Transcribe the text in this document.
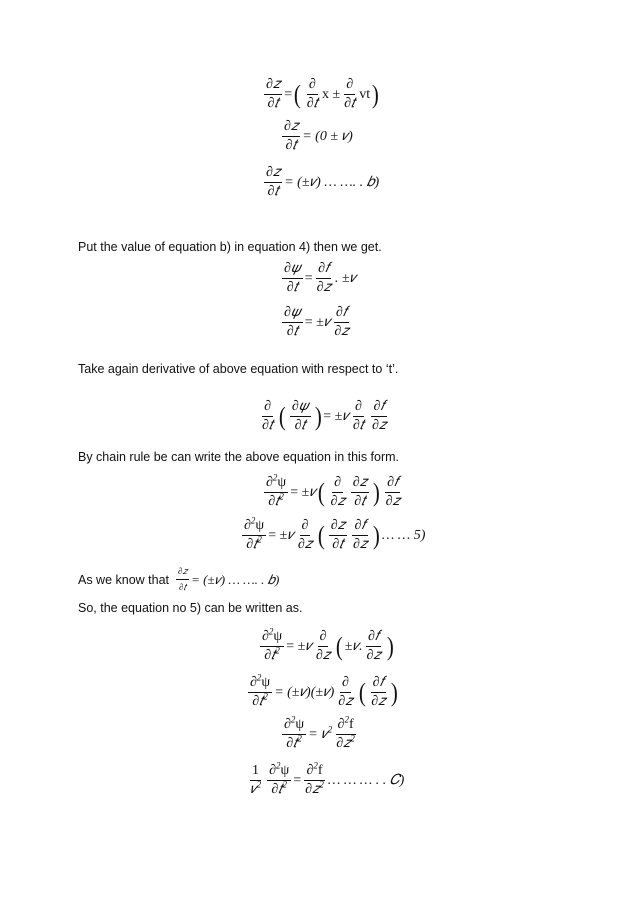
$\frac{\text{∂𝑧}}{\text{∂𝑡}}$ = ( $\frac{\partial}{\text{∂𝑡}}$ $x \pm \frac{\partial}{\text{∂𝑡}}$ vt )
$\frac{\text{∂𝑧}}{\text{∂𝑡}} = (0$ ± 𝑣)
$\frac{\text{∂𝑧}}{\text{∂𝑡}}$ = (±𝑣) … …. . 𝑏)
Put the value of equation b) in equation 4) then we get.
$\frac{\text{∂𝜓}}{\text{∂𝑡}} = \frac{\text{∂𝑓}}{\text{∂𝑧}}$ . ±𝑣
$\frac{\text{∂𝜓}}{\text{∂𝑡}}$ = ± 𝑣 $\frac{\text{∂𝑓}}{\text{∂𝑧}}$
Take again derivative of above equation with respect to ‘t’.
$\frac{\partial}{\text{∂𝑡}}$ ( $\frac{\text{∂𝜓}}{\text{∂𝑡}}$ ) = ± 𝑣 $\frac{\partial}{\text{∂𝑡}} \frac{\text{∂𝑓}}{\text{∂𝑧}}$
By chain rule be can write the above equation in this form.
$\frac{\partial^2\psi}{\partial 𝑡^2}$ = ± 𝑣 ( $\frac{\partial}{\text{∂𝑧}} \frac{\text{∂𝑧}}{\text{∂𝑡}}$ ) $\frac{\text{∂𝑓}}{\text{∂𝑧}}$
$\frac{\partial^2\psi}{\partial 𝑡^2}$ = ± 𝑣 $\frac{\partial}{\text{∂𝑧}}$ ( $\frac{\text{∂𝑧}}{\text{∂𝑡}} \frac{\text{∂𝑓}}{\text{∂𝑧}}$ ) … … 5)
As we know that $\frac{\text{∂𝑧}}{\text{∂𝑡}}$ = (±𝑣) … …. . 𝑏)
So, the equation no 5) can be written as.
$\frac{\partial^2\psi}{\partial 𝑡^2}$ = ± 𝑣 $\frac{\partial}{\text{∂𝑧}}$ ( ±𝑣. $\frac{\text{∂𝑓}}{\text{∂𝑧}}$ )
$\frac{\partial^2\psi}{\partial 𝑡^2}$ = (±𝑣)(±𝑣) $\frac{\partial}{\text{∂𝑧}}$ ( $\frac{\text{∂𝑓}}{\text{∂𝑧}}$ )
$\frac{\partial^2\psi}{\partial 𝑡^2}$ = 𝑣$^2$ $\frac{\partial^2f}{\partial 𝑧^2}$
$\frac{1}{𝑣^2} \frac{\partial^2\psi}{\partial 𝑡^2} = \frac{\partial^2f}{\partial 𝑧^2}$ … … … . . 𝐶)
